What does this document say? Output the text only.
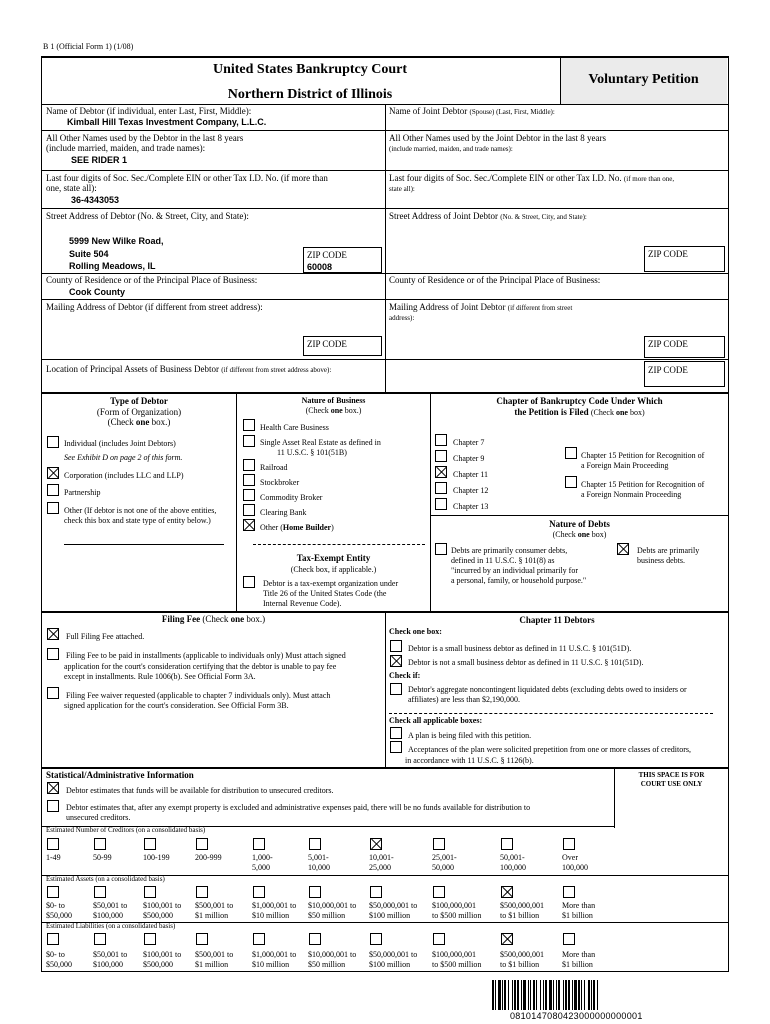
B 1 (Official Form 1) (1/08)
United States Bankruptcy Court
Northern District of Illinois
Voluntary Petition
Name of Debtor (if individual, enter Last, First, Middle):
Kimball Hill Texas Investment Company, L.L.C.
Name of Joint Debtor (Spouse) (Last, First, Middle):
All Other Names used by the Debtor in the last 8 years
(include married, maiden, and trade names):
SEE RIDER 1
All Other Names used by the Joint Debtor in the last 8 years
(include married, maiden, and trade names):
Last four digits of Soc. Sec./Complete EIN or other Tax I.D. No. (if more than
one, state all):
36-4343053
Last four digits of Soc. Sec./Complete EIN or other Tax I.D. No. (if more than one,
state all):
Street Address of Debtor (No. & Street, City, and State):
5999 New Wilke Road,
Suite 504
Rolling Meadows, IL
ZIP CODE
60008
Street Address of Joint Debtor (No. & Street, City, and State):
ZIP CODE
County of Residence or of the Principal Place of Business:
Cook County
County of Residence or of the Principal Place of Business:
Mailing Address of Debtor (if different from street address):	Mailing Address of Joint Debtor (if different from street
address):
ZIP CODE	ZIP CODE
Location of Principal Assets of Business Debtor (if different from street address above):	ZIP CODE
Type of Debtor
(Form of Organization)
(Check one box.)
Individual (includes Joint Debtors)
See Exhibit D on page 2 of this form.
Corporation (includes LLC and LLP)
Partnership
Other (If debtor is not one of the above entities,
check this box and state type of entity below.)
Nature of Business
(Check one box.)
Health Care Business
Single Asset Real Estate as defined in
11 U.S.C. § 101(51B)
Railroad
Stockbroker
Commodity Broker
Clearing Bank
Other (Home Builder)
Tax-Exempt Entity
(Check box, if applicable.)
Debtor is a tax-exempt organization under
Title 26 of the United States Code (the
Internal Revenue Code).
Chapter of Bankruptcy Code Under Which
the Petition is Filed (Check one box)
Chapter 7
Chapter 9
Chapter 11
Chapter 12
Chapter 13
Chapter 15 Petition for Recognition of
a Foreign Main Proceeding
Chapter 15 Petition for Recognition of
a Foreign Nonmain Proceeding
Nature of Debts
(Check one box)
Debts are primarily consumer debts,
defined in 11 U.S.C. § 101(8) as
"incurred by an individual primarily for
a personal, family, or household purpose."
Debts are primarily
business debts.
Filing Fee (Check one box.)
Full Filing Fee attached.
Filing Fee to be paid in installments (applicable to individuals only) Must attach signed
application for the court's consideration certifying that the debtor is unable to pay fee
except in installments. Rule 1006(b). See Official Form 3A.
Filing Fee waiver requested (applicable to chapter 7 individuals only). Must attach
signed application for the court's consideration. See Official Form 3B.
Chapter 11 Debtors
Check one box:
Debtor is a small business debtor as defined in 11 U.S.C. § 101(51D).
Debtor is not a small business debtor as defined in 11 U.S.C. § 101(51D).
Check if:
Debtor's aggregate noncontingent liquidated debts (excluding debts owed to insiders or
affiliates) are less than $2,190,000.
Check all applicable boxes:
A plan is being filed with this petition.
Acceptances of the plan were solicited prepetition from one or more classes of creditors,
in accordance with 11 U.S.C. § 1126(b).
Statistical/Administrative Information	THIS SPACE IS FOR
COURT USE ONLY
Debtor estimates that funds will be available for distribution to unsecured creditors.
Debtor estimates that, after any exempt property is excluded and administrative expenses paid, there will be no funds available for distribution to
unsecured creditors.
Estimated Number of Creditors (on a consolidated basis)
1-49	50-99	100-199	200-999	1,000-
5,000
5,001-
10,000
10,001-
25,000
25,001-
50,000
50,001-
100,000
Over
100,000
Estimated Assets (on a consolidated basis)
$0- to
$50,000
$50,001 to
$100,000
$100,001 to
$500,000
$500,001 to
$1 million
$1,000,001 to
$10 million
$10,000,001 to
$50 million
$50,000,001 to
$100 million
$100,000,001
to $500 million
$500,000,001
to $1 billion
More than
$1 billion
Estimated Liabilities (on a consolidated basis)
$0- to
$50,000
$50,001 to
$100,000
$100,001 to
$500,000
$500,001 to
$1 million
$1,000,001 to
$10 million
$10,000,001 to
$50 million
$50,000,001 to
$100 million
$100,000,001
to $500 million
$500,000,001
to $1 billion
More than
$1 billion
0810147080423000000000001
